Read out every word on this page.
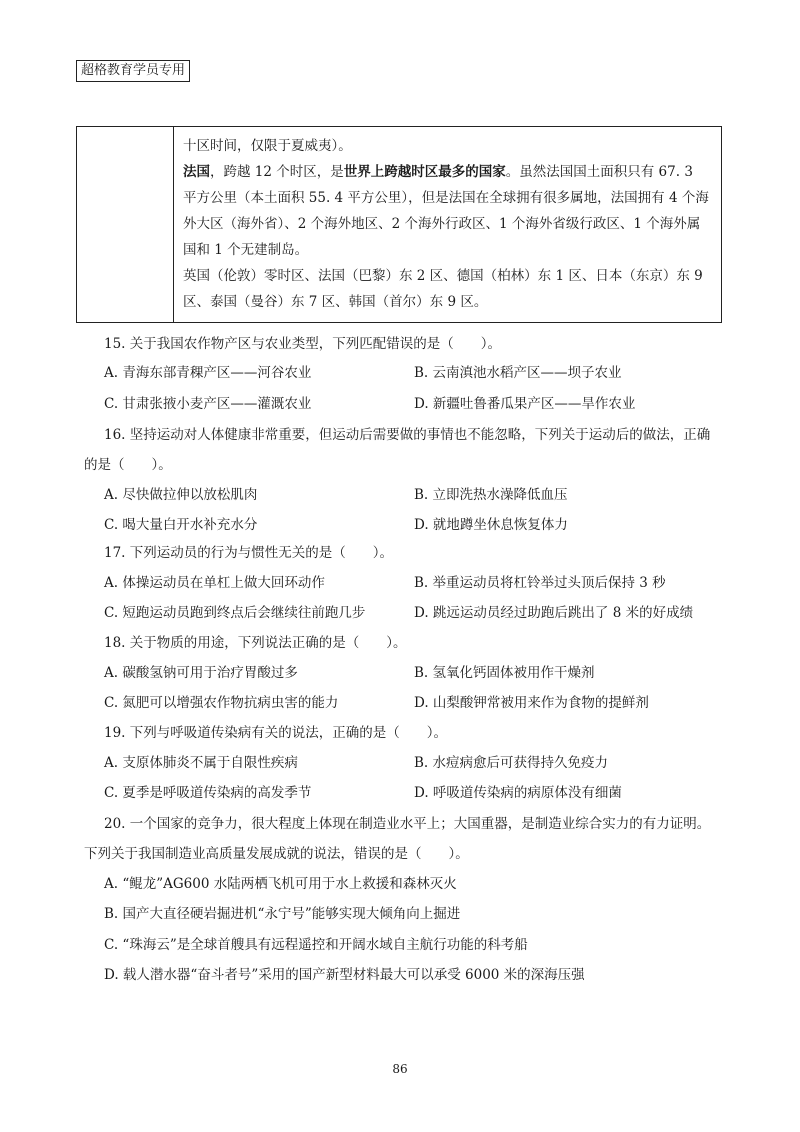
超格教育学员专用

十区时间，仅限于夏威夷）。

法国，跨越 12 个时区，是世界上跨越时区最多的国家。虽然法国国土面积只有 67. 3 平方公里（本土面积 55. 4 平方公里），但是法国在全球拥有很多属地，法国拥有 4 个海外大区（海外省）、2 个海外地区、2 个海外行政区、1 个海外省级行政区、1 个海外属国和 1 个无建制岛。

英国（伦敦）零时区、法国（巴黎）东 2 区、德国（柏林）东 1 区、日本（东京）东 9 区、泰国（曼谷）东 7 区、韩国（首尔）东 9 区。

15. 关于我国农作物产区与农业类型，下列匹配错误的是（　　）。

A. 青海东部青稞产区——河谷农业	B. 云南滇池水稻产区——坝子农业

C. 甘肃张掖小麦产区——灌溉农业	D. 新疆吐鲁番瓜果产区——旱作农业

16. 坚持运动对人体健康非常重要，但运动后需要做的事情也不能忽略，下列关于运动后的做法，正确的是（　　）。

A. 尽快做拉伸以放松肌肉	B. 立即洗热水澡降低血压

C. 喝大量白开水补充水分	D. 就地蹲坐休息恢复体力

17. 下列运动员的行为与惯性无关的是（　　）。

A. 体操运动员在单杠上做大回环动作	B. 举重运动员将杠铃举过头顶后保持 3 秒

C. 短跑运动员跑到终点后会继续往前跑几步	D. 跳远运动员经过助跑后跳出了 8 米的好成绩

18. 关于物质的用途，下列说法正确的是（　　）。

A. 碳酸氢钠可用于治疗胃酸过多	B. 氢氧化钙固体被用作干燥剂

C. 氮肥可以增强农作物抗病虫害的能力	D. 山梨酸钾常被用来作为食物的提鲜剂

19. 下列与呼吸道传染病有关的说法，正确的是（　　）。

A. 支原体肺炎不属于自限性疾病	B. 水痘病愈后可获得持久免疫力

C. 夏季是呼吸道传染病的高发季节	D. 呼吸道传染病的病原体没有细菌

20. 一个国家的竞争力，很大程度上体现在制造业水平上；大国重器，是制造业综合实力的有力证明。下列关于我国制造业高质量发展成就的说法，错误的是（　　）。

A. “鲲龙”AG600 水陆两栖飞机可用于水上救援和森林灭火

B. 国产大直径硬岩掘进机“永宁号”能够实现大倾角向上掘进

C. “珠海云”是全球首艘具有远程遥控和开阔水域自主航行功能的科考船

D. 载人潜水器“奋斗者号”采用的国产新型材料最大可以承受 6000 米的深海压强

86
